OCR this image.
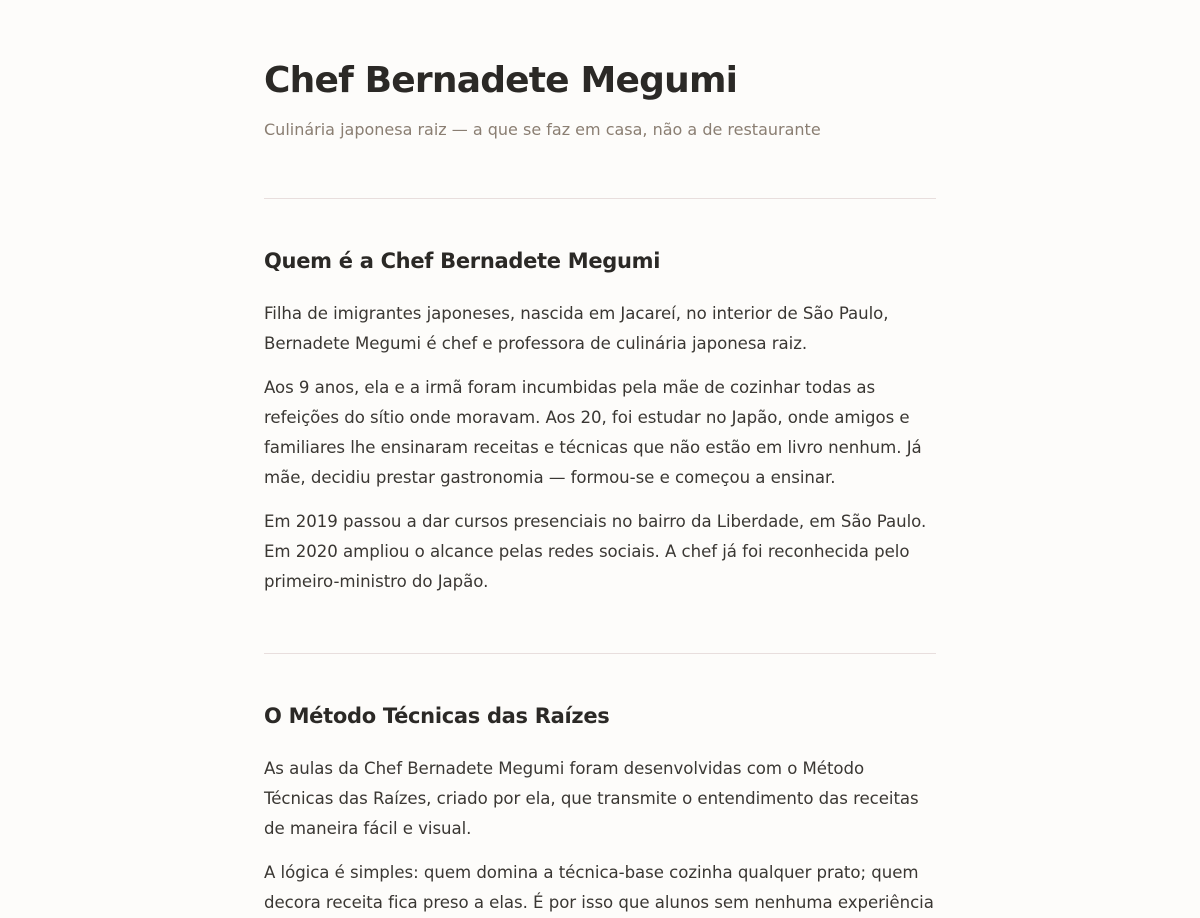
Chef Bernadete Megumi

Culinária japonesa raiz — a que se faz em casa, não a de restaurante

Quem é a Chef Bernadete Megumi

Filha de imigrantes japoneses, nascida em Jacareí, no interior de São Paulo, Bernadete Megumi é chef e professora de culinária japonesa raiz.

Aos 9 anos, ela e a irmã foram incumbidas pela mãe de cozinhar todas as refeições do sítio onde moravam. Aos 20, foi estudar no Japão, onde amigos e familiares lhe ensinaram receitas e técnicas que não estão em livro nenhum. Já mãe, decidiu prestar gastronomia — formou-se e começou a ensinar.

Em 2019 passou a dar cursos presenciais no bairro da Liberdade, em São Paulo. Em 2020 ampliou o alcance pelas redes sociais. A chef já foi reconhecida pelo primeiro-ministro do Japão.

O Método Técnicas das Raízes

As aulas da Chef Bernadete Megumi foram desenvolvidas com o Método Técnicas das Raízes, criado por ela, que transmite o entendimento das receitas de maneira fácil e visual.

A lógica é simples: quem domina a técnica-base cozinha qualquer prato; quem decora receita fica preso a elas. É por isso que alunos sem nenhuma experiência
